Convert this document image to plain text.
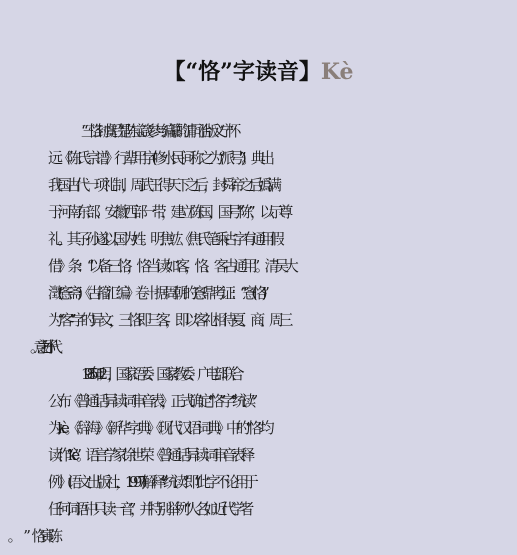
【“恪”字读音】Kè
“三恪封虞后”是陈宝箴参与编纂的清同治版义宁怀
远《陈氏宗谱》行辈用字(修水民间称之为“派号”)。典出
我国古代一项礼制，周武王得天下之后，封舜帝之后嬀满
于河南东部、安徽西部一带，建立陈国，国号“陈”，以示尊
礼。其子孙遂以国为姓。明焦竑《焦氏笔乘·古字有通用假
借》条：“‘以备三恪’，恪当读如客，恪、客古通用”。清吴大
澂(愙斋)《古籀汇编》卷十据周朝的愙鼎考证：“愙(恪)”
为“客”字的异文，三恪即三客，即以客礼相待夏、商、周三
1985 年 12 月，国家语委、国家教委、广电部联合
公布《普通话异读词审音表》，正式确定“恪”字“统读”
为 kè。《辞海》《新华字典》《现代汉语词典》中的“恪”均
读作“kè”。语言学家徐世荣《普通话异读词审音表释
例》(语文出版社，1997)解释“统读”即“此字不论用于
任何词语中只读一音”，并特别举例“人名如近代学者
